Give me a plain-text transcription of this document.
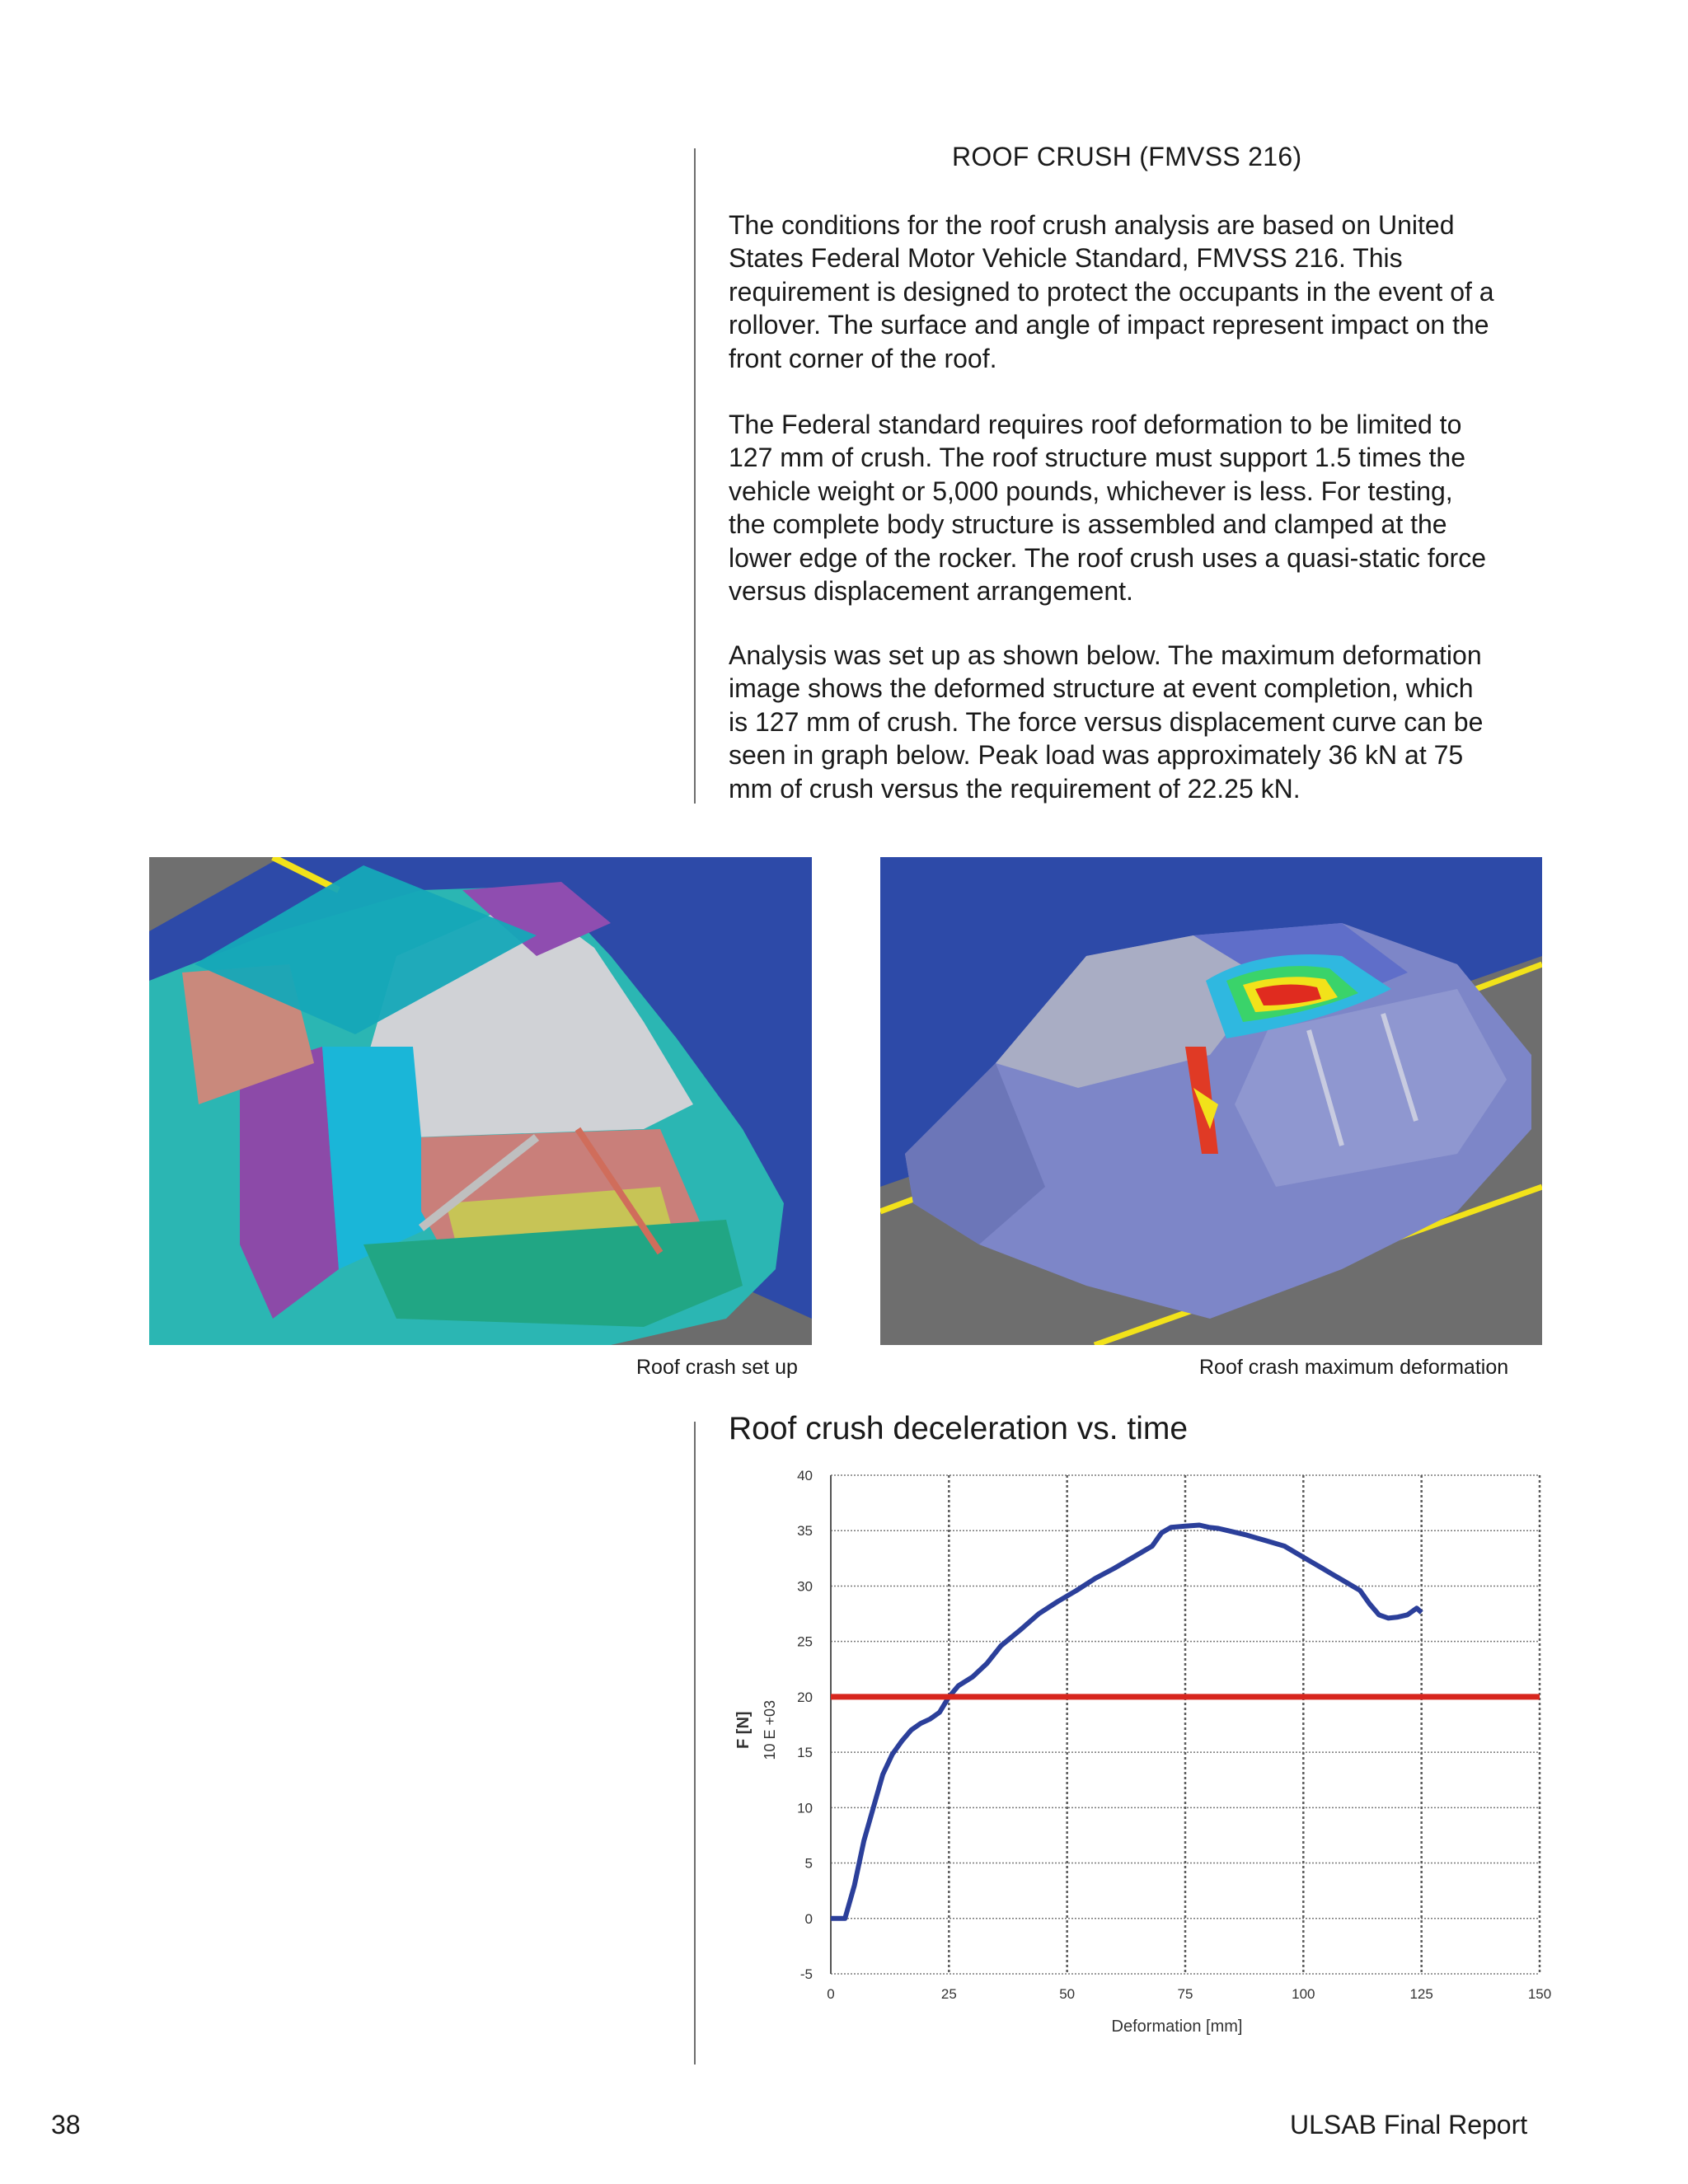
ROOF CRUSH (FMVSS 216)

The conditions for the roof crush analysis are based on United
States Federal Motor Vehicle Standard, FMVSS 216. This
requirement is designed to protect the occupants in the event of a
rollover. The surface and angle of impact represent impact on the
front corner of the roof.

The Federal standard requires roof deformation to be limited to
127 mm of crush. The roof structure must support 1.5 times the
vehicle weight or 5,000 pounds, whichever is less. For testing,
the complete body structure is assembled and clamped at the
lower edge of the rocker. The roof crush uses a quasi-static force
versus displacement arrangement.

Analysis was set up as shown below. The maximum deformation
image shows the deformed structure at event completion, which
is 127 mm of crush. The force versus displacement curve can be
seen in graph below. Peak load was approximately 36 kN at 75
mm of crush versus the requirement of 22.25 kN.

Roof crash set up	Roof crash maximum deformation
Roof crush deceleration vs. time
-5
0
5
10
15
20
25
30
35
40
0	25	50	75	100	125	150
Deformation [mm]
F [N] 10 E +03
38	ULSAB Final Report
